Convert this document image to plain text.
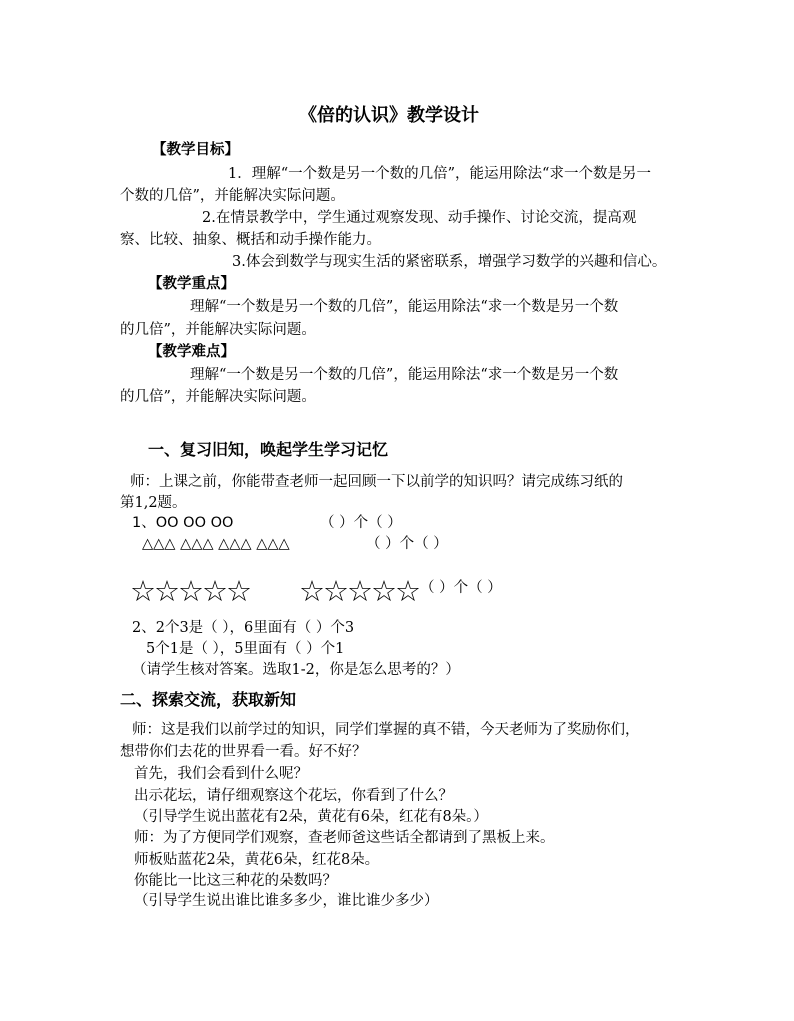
《倍的认识》教学设计
【教学目标】
1．理解“一个数是另一个数的几倍”，能运用除法“求一个数是另一
个数的几倍”，并能解决实际问题。
2.在情景教学中，学生通过观察发现、动手操作、讨论交流，提高观
察、比较、抽象、概括和动手操作能力。
3.体会到数学与现实生活的紧密联系，增强学习数学的兴趣和信心。
【教学重点】
理解“一个数是另一个数的几倍”，能运用除法“求一个数是另一个数
的几倍”，并能解决实际问题。
【教学难点】
理解“一个数是另一个数的几倍”，能运用除法“求一个数是另一个数
的几倍”，并能解决实际问题。
一、复习旧知，唤起学生学习记忆
师：上课之前，你能带查老师一起回顾一下以前学的知识吗？请完成练习纸的
第1,2题。
1、OO OO OO	（ ）个（ ）
△△△ △△△ △△△ △△△	（ ）个（ ）
☆☆☆☆☆ ☆☆☆☆☆ （ ）个（ ）
2、2个3是（ ），6里面有（ ）个3
5个1是（ ），5里面有（ ）个1
（请学生核对答案。选取1-2，你是怎么思考的？）
二、探索交流，获取新知
师：这是我们以前学过的知识，同学们掌握的真不错，今天老师为了奖励你们，
想带你们去花的世界看一看。好不好？
首先，我们会看到什么呢？
出示花坛，请仔细观察这个花坛，你看到了什么？
（引导学生说出蓝花有2朵，黄花有6朵，红花有8朵。）
师：为了方便同学们观察，查老师爸这些话全都请到了黑板上来。
师板贴蓝花2朵，黄花6朵，红花8朵。
你能比一比这三种花的朵数吗？
（引导学生说出谁比谁多多少，谁比谁少多少）
